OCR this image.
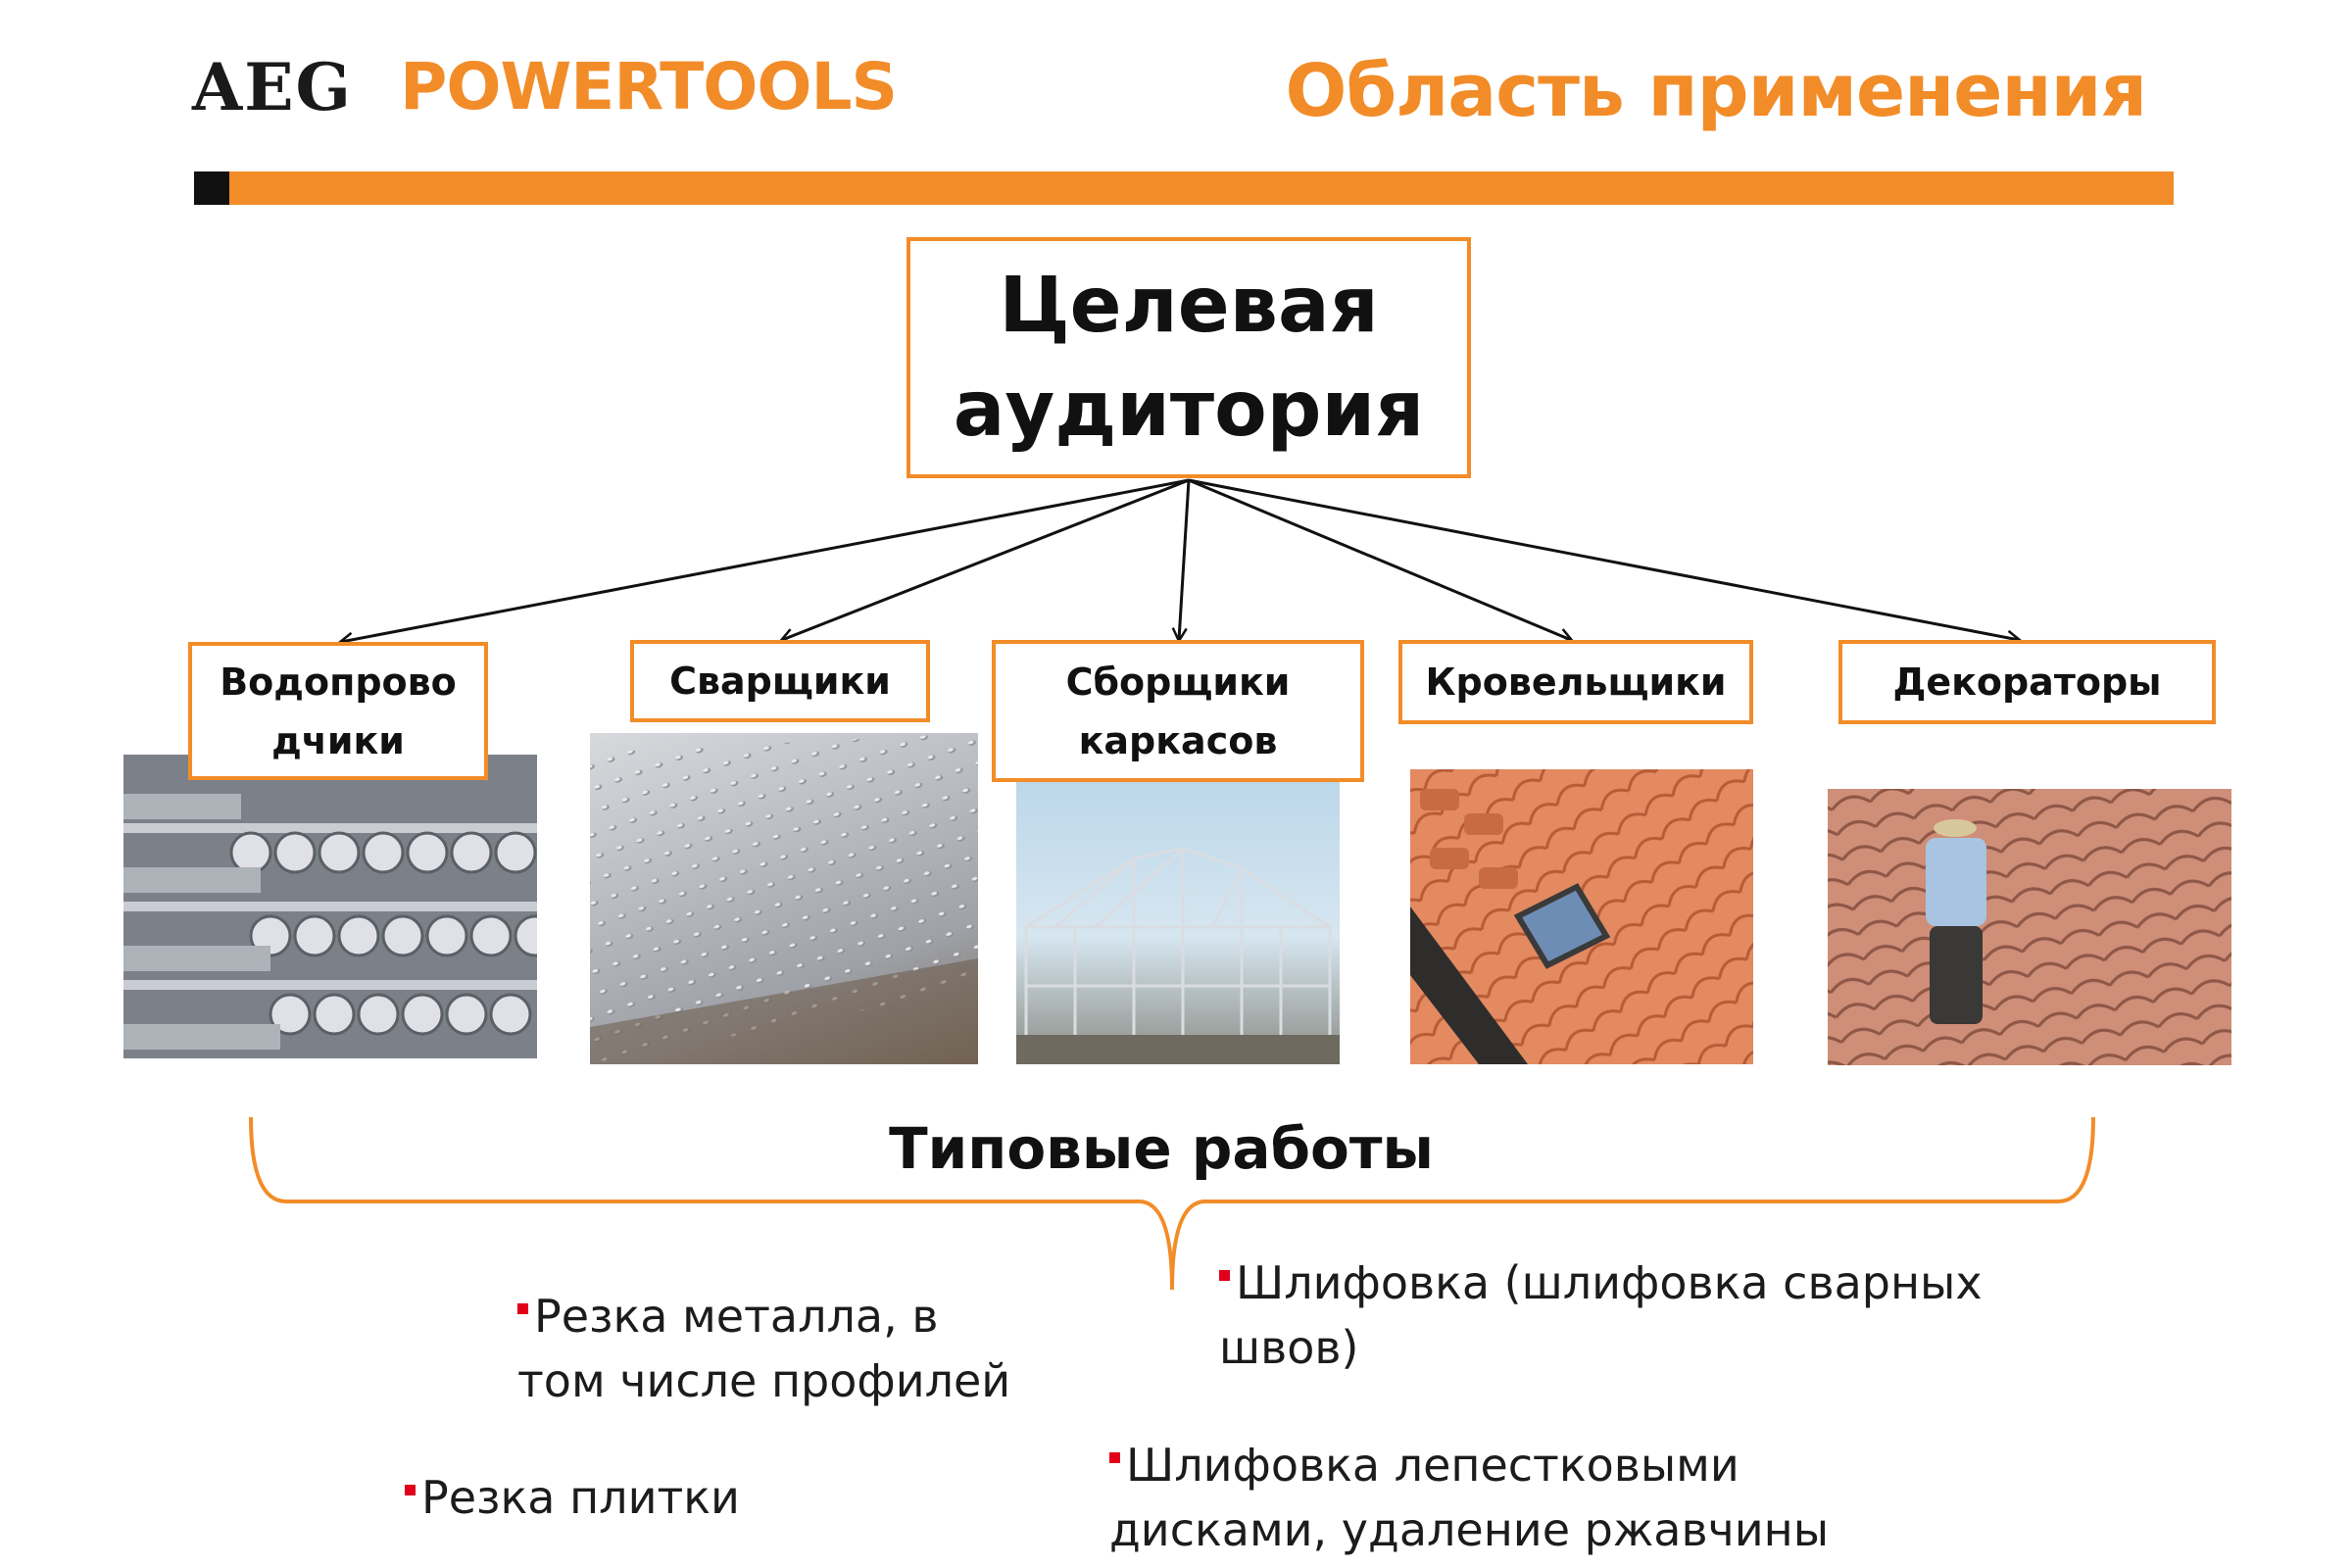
AEG POWERTOOLS	Область применения
Целевая
аудитория
Водопрово
дчики
Сварщики	Сборщики
каркасов
Кровельщики	Декораторы
Типовые работы
Резка металла, в
том числе профилей
Резка плитки
Шлифовка (шлифовка сварных
швов)
Шлифовка лепестковыми
дисками, удаление ржавчины
